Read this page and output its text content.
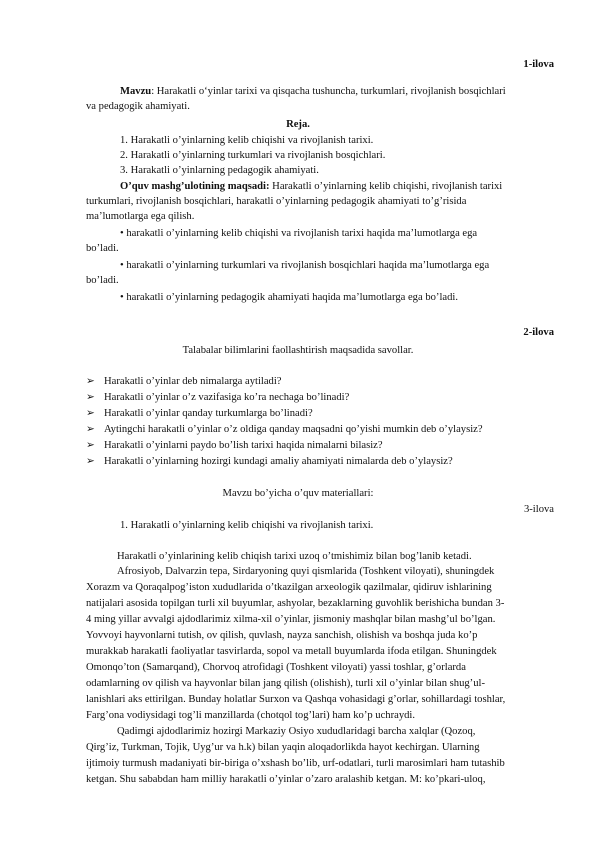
1-ilova
Mavzu: Harakatli o‘yinlar tarixi va qisqacha tushuncha, turkumlari, rivojlanish bosqichlari
va pedagogik ahamiyati.
Reja.
1. Harakatli o’yinlarning kelib chiqishi va rivojlanish tarixi.
2. Harakatli o’yinlarning turkumlari va rivojlanish bosqichlari.
3. Harakatli o’yinlarning pedagogik ahamiyati.
O’quv mashg’ulotining maqsadi: Harakatli o’yinlarning kelib chiqishi, rivojlanish tarixi
turkumlari, rivojlanish bosqichlari, harakatli o’yinlarning pedagogik ahamiyati to’g’risida
ma’lumotlarga ega qilish.
• harakatli o’yinlarning kelib chiqishi va rivojlanish tarixi haqida ma’lumotlarga ega
bo’ladi.
• harakatli o’yinlarning turkumlari va rivojlanish bosqichlari haqida ma’lumotlarga ega
bo’ladi.
• harakatli o’yinlarning pedagogik ahamiyati haqida ma’lumotlarga ega bo’ladi.
2-ilova
Talabalar bilimlarini faollashtirish maqsadida savollar.
➢ Harakatli o’yinlar deb nimalarga aytiladi?
➢ Harakatli o’yinlar o’z vazifasiga ko’ra nechaga bo’linadi?
➢ Harakatli o’yinlar qanday turkumlarga bo’linadi?
➢ Aytingchi harakatli o’yinlar o’z oldiga qanday maqsadni qo’yishi mumkin deb o’ylaysiz?
➢ Harakatli o’yinlarni paydo bo’lish tarixi haqida nimalarni bilasiz?
➢ Harakatli o’yinlarning hozirgi kundagi amaliy ahamiyati nimalarda deb o’ylaysiz?
Mavzu bo’yicha o’quv materiallari:
3-ilova
1. Harakatli o’yinlarning kelib chiqishi va rivojlanish tarixi.
Harakatli o’yinlarining kelib chiqish tarixi uzoq o’tmishimiz bilan bog’lanib ketadi.
Afrosiyob, Dalvarzin tepa, Sirdaryoning quyi qismlarida (Toshkent viloyati), shuningdek
Xorazm va Qoraqalpog’iston xududlarida o’tkazilgan arxeologik qazilmalar, qidiruv ishlarining
natijalari asosida topilgan turli xil buyumlar, ashyolar, bezaklarning guvohlik berishicha bundan 3-
4 ming yillar avvalgi ajdodlarimiz xilma-xil o’yinlar, jismoniy mashqlar bilan mashg’ul bo’lgan.
Yovvoyi hayvonlarni tutish, ov qilish, quvlash, nayza sanchish, olishish va boshqa juda ko’p
murakkab harakatli faoliyatlar tasvirlarda, sopol va metall buyumlarda ifoda etilgan. Shuningdek
Omonqo’ton (Samarqand), Chorvoq atrofidagi (Toshkent viloyati) yassi toshlar, g’orlarda
odamlarning ov qilish va hayvonlar bilan jang qilish (olishish), turli xil o’yinlar bilan shug’ul-
lanishlari aks ettirilgan. Bunday holatlar Surxon va Qashqa vohasidagi g’orlar, sohillardagi toshlar,
Farg’ona vodiysidagi tog’li manzillarda (chotqol tog’lari) ham ko’p uchraydi.
Qadimgi ajdodlarimiz hozirgi Markaziy Osiyo xududlaridagi barcha xalqlar (Qozoq,
Qirg’iz, Turkman, Tojik, Uyg’ur va h.k) bilan yaqin aloqadorlikda hayot kechirgan. Ularning
ijtimoiy turmush madaniyati bir-biriga o’xshash bo’lib, urf-odatlari, turli marosimlari ham tutashib
ketgan. Shu sababdan ham milliy harakatli o’yinlar o’zaro aralashib ketgan. M: ko’pkari-uloq,
